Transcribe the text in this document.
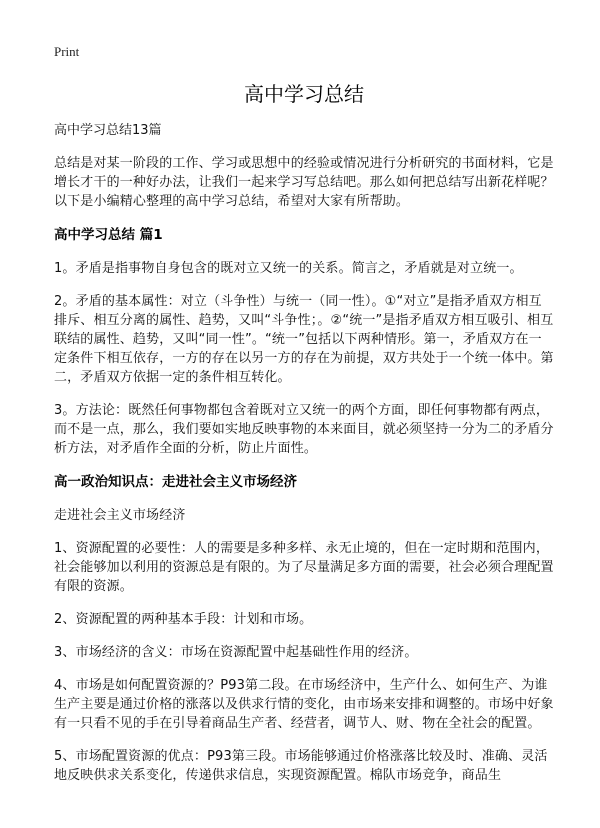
Print
高中学习总结
高中学习总结13篇

总结是对某一阶段的工作、学习或思想中的经验或情况进行分析研究的书面材料，它是增长才干的一种好办法，让我们一起来学习写总结吧。那么如何把总结写出新花样呢？以下是小编精心整理的高中学习总结，希望对大家有所帮助。

高中学习总结 篇1

1。矛盾是指事物自身包含的既对立又统一的关系。简言之，矛盾就是对立统一。

2。矛盾的基本属性：对立（斗争性）与统一（同一性）。①“对立”是指矛盾双方相互排斥、相互分离的属性、趋势，又叫“斗争性；。②“统一”是指矛盾双方相互吸引、相互联结的属性、趋势，又叫“同一性”。“统一”包括以下两种情形。第一，矛盾双方在一定条件下相互依存，一方的存在以另一方的存在为前提，双方共处于一个统一体中。第二，矛盾双方依据一定的条件相互转化。

3。方法论：既然任何事物都包含着既对立又统一的两个方面，即任何事物都有两点，而不是一点，那么，我们要如实地反映事物的本来面目，就必须坚持一分为二的矛盾分析方法，对矛盾作全面的分析，防止片面性。

高一政治知识点：走进社会主义市场经济

走进社会主义市场经济

1、资源配置的必要性：人的需要是多种多样、永无止境的，但在一定时期和范围内，社会能够加以利用的资源总是有限的。为了尽量满足多方面的需要，社会必须合理配置有限的资源。

2、资源配置的两种基本手段：计划和市场。

3、市场经济的含义：市场在资源配置中起基础性作用的经济。

4、市场是如何配置资源的？P93第二段。在市场经济中，生产什么、如何生产、为谁生产主要是通过价格的涨落以及供求行情的变化，由市场来安排和调整的。市场中好象有一只看不见的手在引导着商品生产者、经营者，调节人、财、物在全社会的配置。

5、市场配置资源的优点：P93第三段。市场能够通过价格涨落比较及时、准确、灵活地反映供求关系变化，传递供求信息，实现资源配置。棉队市场竞争，商品生
